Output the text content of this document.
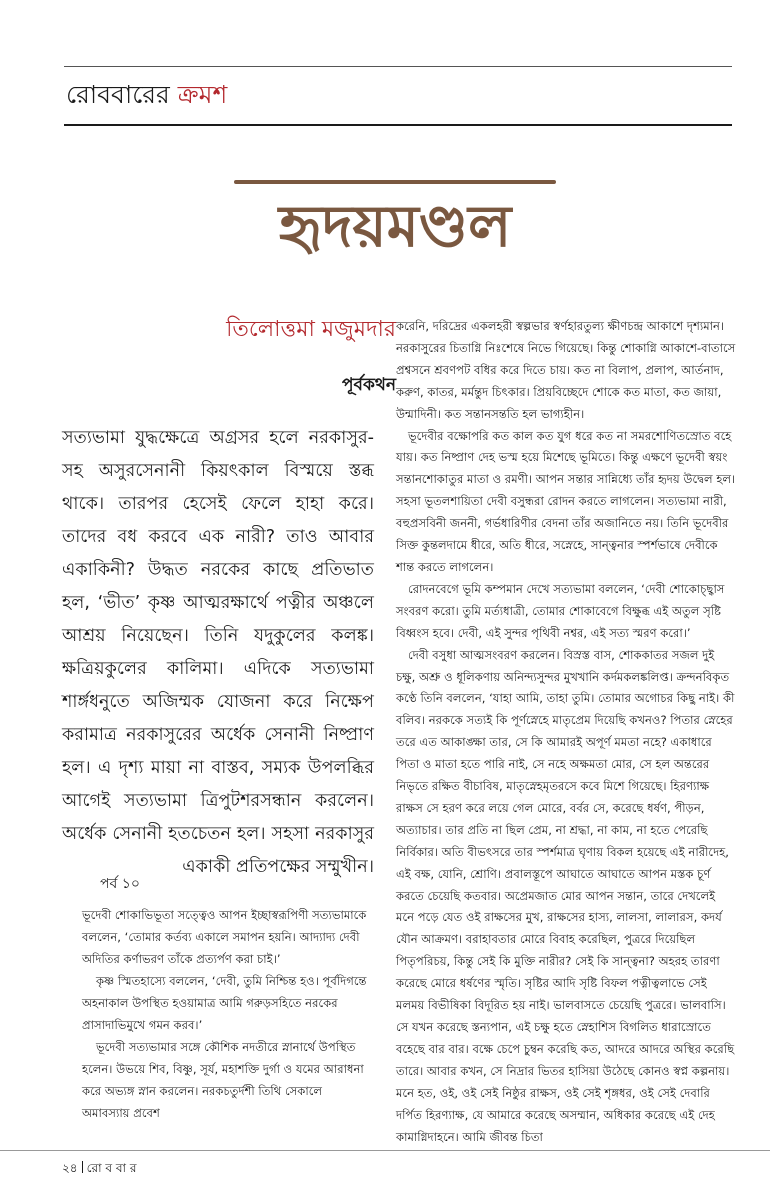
রোববারের ক্রমশ
হৃদয়মণ্ডল
তিলোত্তমা মজুমদার
পূর্বকথন

সত্যভামা যুদ্ধক্ষেত্রে অগ্রসর হলে নরকাসুর-সহ অসুরসেনানী কিয়ৎকাল বিস্ময়ে স্তব্ধ থাকে। তারপর হেসেই ফেলে হাহা করে। তাদের বধ করবে এক নারী? তাও আবার একাকিনী? উদ্ধত নরকের কাছে প্রতিভাত হল, ‘ভীত’ কৃষ্ণ আত্মরক্ষার্থে পত্নীর অঞ্চলে আশ্রয় নিয়েছেন। তিনি যদুকুলের কলঙ্ক। ক্ষত্রিয়কুলের কালিমা। এদিকে সত্যভামা শার্ঙ্গধনুতে অজিম্মক যোজনা করে নিক্ষেপ করামাত্র নরকাসুরের অর্ধেক সেনানী নিষ্প্রাণ হল। এ দৃশ্য মায়া না বাস্তব, সম্যক উপলব্ধির আগেই সত্যভামা ত্রিপুটশরসন্ধান করলেন। অর্ধেক সেনানী হতচেতন হল। সহসা নরকাসুর একাকী প্রতিপক্ষের সম্মুখীন।

পর্ব ১০

ভূদেবী শোকাভিভূতা সত্ত্বেও আপন ইচ্ছাস্বরূপিণী সত্যভামাকে বললেন, ‘তোমার কর্তব্য একালে সমাপন হয়নি। আদ্যাদ্য দেবী অদিতির কর্ণাভরণ তাঁকে প্রত্যর্পণ করা চাই।’

কৃষ্ণ স্মিতহাস্যে বললেন, ‘দেবী, তুমি নিশ্চিন্ত হও। পূর্বদিগন্তে অহনাকাল উপস্থিত হওয়ামাত্র আমি গরুড়সহিতে নরকের প্রাসাদাভিমুখে গমন করব।’

ভূদেবী সত্যভামার সঙ্গে কৌশিক নদতীরে স্নানার্থে উপস্থিত হলেন। উভয়ে শিব, বিষ্ণু, সূর্য, মহাশক্তি দুর্গা ও যমের আরাধনা করে অভ্যঙ্গ স্নান করলেন। নরকচতুর্দশী তিথি সেকালে অমাবস্যায় প্রবেশ

করেনি, দরিদ্রের একলহরী স্বল্পভার স্বর্ণহারতুল্য ক্ষীণচন্দ্র আকাশে দৃশ্যমান। নরকাসুরের চিতাগ্নি নিঃশেষে নিভে গিয়েছে। কিন্তু শোকাগ্নি আকাশে-বাতাসে প্রশ্বসনে শ্রবণপট বধির করে দিতে চায়। কত না বিলাপ, প্রলাপ, আর্তনাদ, করুণ, কাতর, মর্মন্তুদ চিৎকার। প্রিয়বিচ্ছেদে শোকে কত মাতা, কত জায়া, উন্মাদিনী। কত সন্তানসন্ততি হল ভাগ্যহীন।

ভূদেবীর বক্ষোপরি কত কাল কত যুগ ধরে কত না সমরশোণিতস্রোত বহে যায়। কত নিষ্প্রাণ দেহ ভস্ম হয়ে মিশেছে ভূমিতে। কিন্তু এক্ষণে ভূদেবী স্বয়ং সন্তানশোকাতুর মাতা ও রমণী। আপন সন্তার সান্নিধ্যে তাঁর হৃদয় উদ্বেল হল। সহসা ভূতলশায়িতা দেবী বসুন্ধরা রোদন করতে লাগলেন। সত্যভামা নারী, বহুপ্রসবিনী জননী, গর্ভধারিণীর বেদনা তাঁর অজানিতে নয়। তিনি ভূদেবীর সিক্ত কুন্তলদামে ধীরে, অতি ধীরে, সস্নেহে, সান্ত্বনার স্পর্শভাষে দেবীকে শান্ত করতে লাগলেন।

রোদনবেগে ভূমি কম্পমান দেখে সত্যভামা বললেন, ‘দেবী শোকোচ্ছ্বাস সংবরণ করো। তুমি মর্ত্যধাত্রী, তোমার শোকাবেগে বিক্ষুব্ধ এই অতুল সৃষ্টি বিধ্বংস হবে। দেবী, এই সুন্দর পৃথিবী নশ্বর, এই সত্য স্মরণ করো।’

দেবী বসুধা আত্মসংবরণ করলেন। বিস্রস্ত বাস, শোককাতর সজল দুই চক্ষু, অশ্রু ও ধূলিকণায় অনিন্দ্যসুন্দর মুখখানি কর্দমকলঙ্কলিপ্ত। ক্রন্দনবিকৃত কণ্ঠে তিনি বললেন, ‘যাহা আমি, তাহা তুমি। তোমার অগোচর কিছু নাই। কী বলিব। নরককে সত্যই কি পূর্ণস্নেহে মাতৃপ্রেম দিয়েছি কখনও? পিতার স্নেহের তরে এত আকাঙ্ক্ষা তার, সে কি আমারই অপূর্ণ মমতা নহে? একাধারে পিতা ও মাতা হতে পারি নাই, সে নহে অক্ষমতা মোর, সে হল অন্তরের নিভৃতে রক্ষিত বীচাবিষ, মাতৃস্নেহমৃতরসে কবে মিশে গিয়েছে। হিরণ্যাক্ষ রাক্ষস সে হরণ করে লয়ে গেল মোরে, বর্বর সে, করেছে ধর্ষণ, পীড়ন, অত্যাচার। তার প্রতি না ছিল প্রেম, না শ্রদ্ধা, না কাম, না হতে পেরেছি নির্বিকার। অতি বীভৎসরে তার স্পর্শমাত্র ঘৃণায় বিকল হয়েছে এই নারীদেহ, এই বক্ষ, যোনি, শ্রোণি। প্রবালস্তূপে আঘাতে আঘাতে আপন মস্তক চূর্ণ করতে চেয়েছি কতবার। অপ্রেমজাত মোর আপন সন্তান, তারে দেখলেই মনে পড়ে যেত ওই রাক্ষসের মুখ, রাক্ষসের হাস্য, লালসা, লালারস, কদর্য যৌন আক্রমণ। বরাহাবতার মোরে বিবাহ করেছিল, পুত্ররে দিয়েছিল পিতৃপরিচয়, কিন্তু সেই কি মুক্তি নারীর? সেই কি সান্ত্বনা? অহরহ তারণা করেছে মোরে ধর্ষণের স্মৃতি। সৃষ্টির আদি সৃষ্টি বিফল পত্নীত্বলাভে সেই মলময় বিভীষিকা বিদূরিত হয় নাই। ভালবাসতে চেয়েছি পুত্ররে। ভালবাসি। সে যখন করেছে স্তন্যপান, এই চক্ষু হতে স্নেহাশিস বিগলিত ধারাস্রোতে বহেছে বার বার। বক্ষে চেপে চুম্বন করেছি কত, আদরে আদরে অস্থির করেছি তারে। আবার কখন, সে নিদ্রার ভিতর হাসিয়া উঠেছে কোনও স্বপ্ন কল্পনায়। মনে হত, ওই, ওই সেই নিষ্ঠুর রাক্ষস, ওই সেই শৃঙ্গধর, ওই সেই দেবারি দর্পিত হিরণ্যাক্ষ, যে আমারে করেছে অসম্মান, অধিকার করেছে এই দেহ কামাগ্নিদাহনে। আমি জীবন্ত চিতা

২৪ রো ব বা র
